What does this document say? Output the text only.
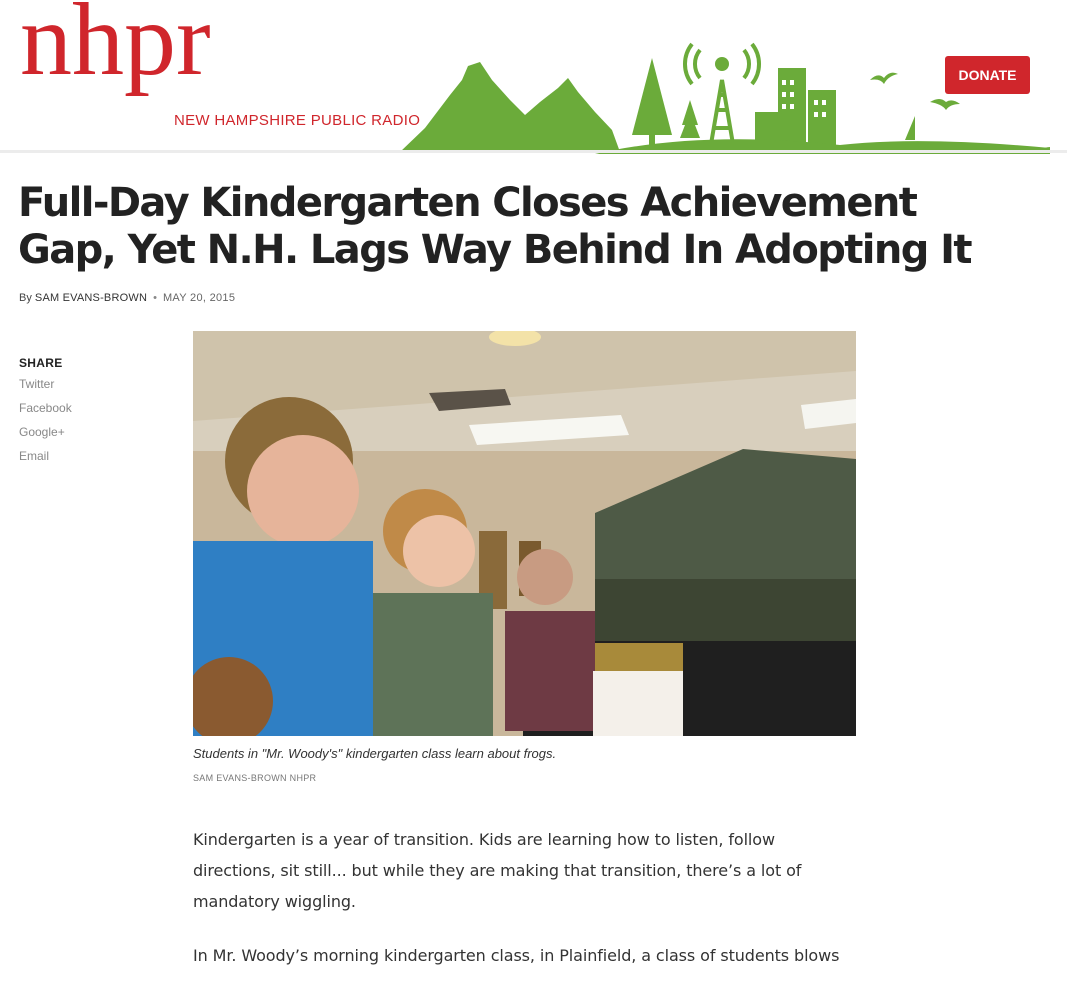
nhpr
NEW HAMPSHIRE PUBLIC RADIO
DONATE
Full-Day Kindergarten Closes Achievement Gap, Yet N.H. Lags Way Behind In Adopting It
By SAM EVANS-BROWN • MAY 20, 2015
SHARE
Twitter
Facebook
Google+
Email
Students in "Mr. Woody's" kindergarten class learn about frogs.
SAM EVANS-BROWN NHPR

Kindergarten is a year of transition. Kids are learning how to listen, follow directions, sit still... but while they are making that transition, there’s a lot of mandatory wiggling.

In Mr. Woody’s morning kindergarten class, in Plainfield, a class of students blows
